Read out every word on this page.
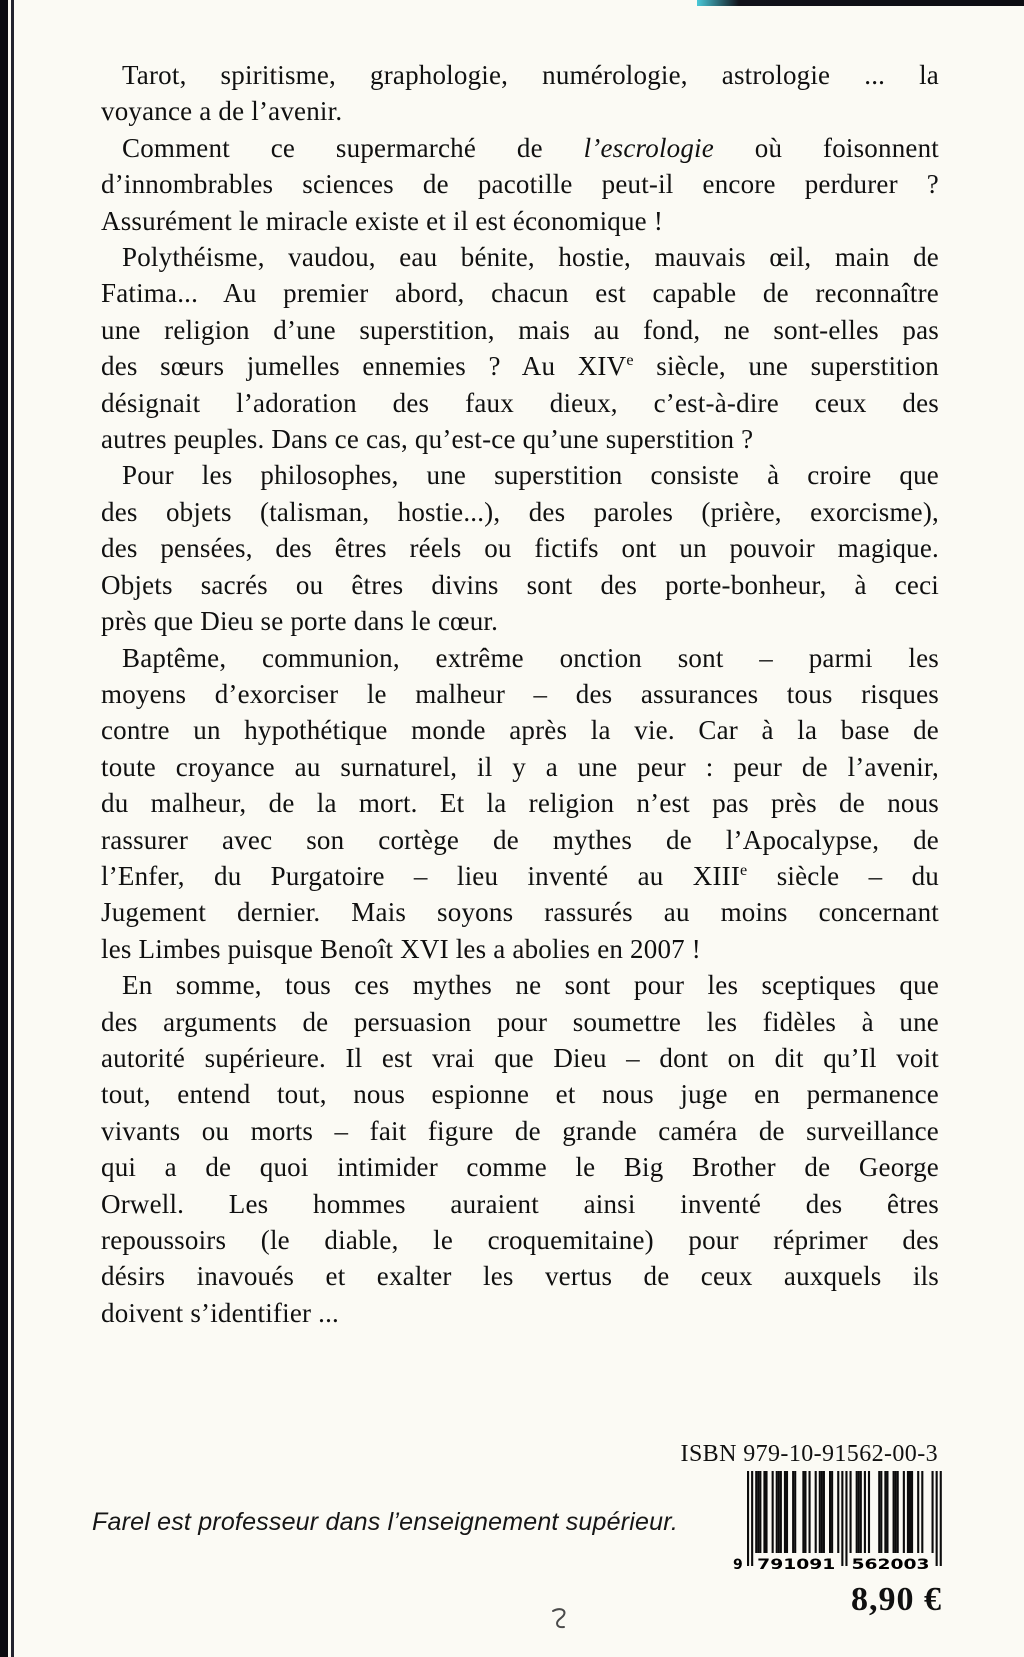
Tarot, spiritisme, graphologie, numérologie, astrologie ... la
voyance a de l’avenir.
Comment ce supermarché de l’escrologie où foisonnent
d’innombrables sciences de pacotille peut-il encore perdurer ?
Assurément le miracle existe et il est économique !
Polythéisme, vaudou, eau bénite, hostie, mauvais œil, main de
Fatima... Au premier abord, chacun est capable de reconnaître
une religion d’une superstition, mais au fond, ne sont-elles pas
des sœurs jumelles ennemies ? Au XIVe siècle, une superstition
désignait l’adoration des faux dieux, c’est-à-dire ceux des
autres peuples. Dans ce cas, qu’est-ce qu’une superstition ?
Pour les philosophes, une superstition consiste à croire que
des objets (talisman, hostie...), des paroles (prière, exorcisme),
des pensées, des êtres réels ou fictifs ont un pouvoir magique.
Objets sacrés ou êtres divins sont des porte-bonheur, à ceci
près que Dieu se porte dans le cœur.
Baptême, communion, extrême onction sont – parmi les
moyens d’exorciser le malheur – des assurances tous risques
contre un hypothétique monde après la vie. Car à la base de
toute croyance au surnaturel, il y a une peur : peur de l’avenir,
du malheur, de la mort. Et la religion n’est pas près de nous
rassurer avec son cortège de mythes de l’Apocalypse, de
l’Enfer, du Purgatoire – lieu inventé au XIIIe siècle – du
Jugement dernier. Mais soyons rassurés au moins concernant
les Limbes puisque Benoît XVI les a abolies en 2007 !
En somme, tous ces mythes ne sont pour les sceptiques que
des arguments de persuasion pour soumettre les fidèles à une
autorité supérieure. Il est vrai que Dieu – dont on dit qu’Il voit
tout, entend tout, nous espionne et nous juge en permanence
vivants ou morts – fait figure de grande caméra de surveillance
qui a de quoi intimider comme le Big Brother de George
Orwell. Les hommes auraient ainsi inventé des êtres
repoussoirs (le diable, le croquemitaine) pour réprimer des
désirs inavoués et exalter les vertus de ceux auxquels ils
doivent s’identifier ...
ISBN 979-10-91562-00-3
9 791091 562003
8,90 €
Farel est professeur dans l’enseignement supérieur.
